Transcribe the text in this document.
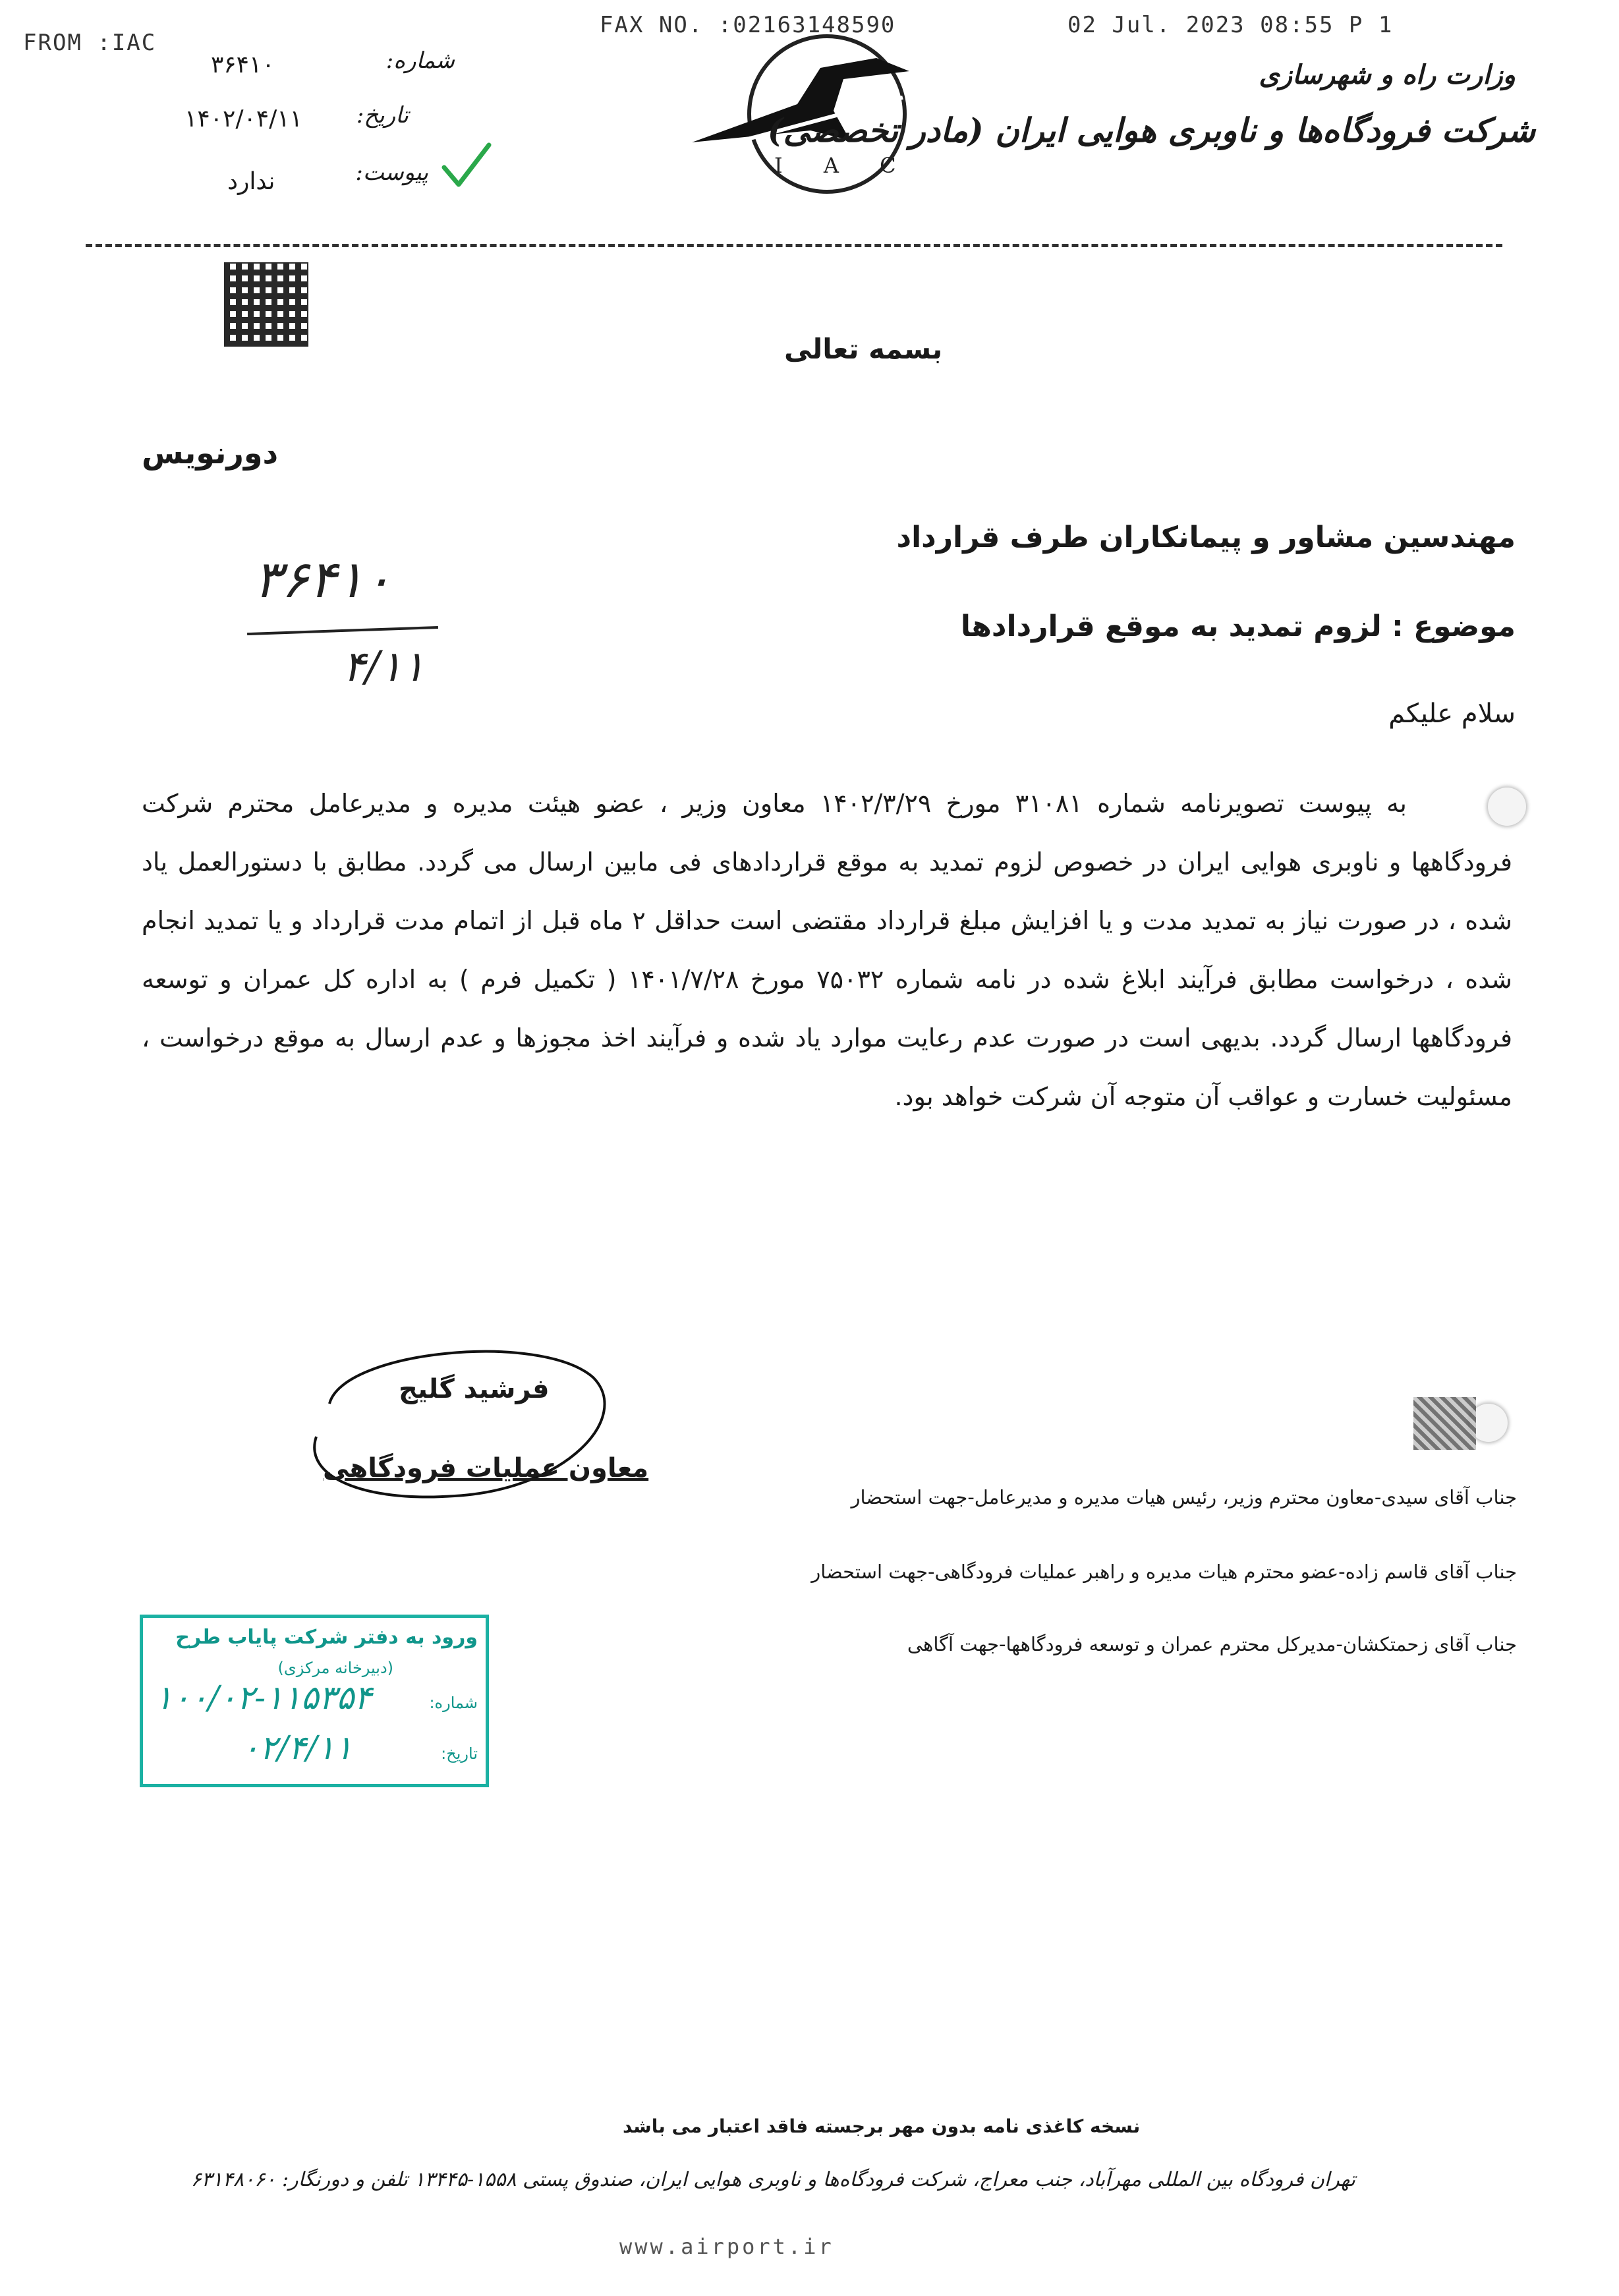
FROM :IAC
FAX NO. :02163148590	02 Jul. 2023 08:55 P 1
شماره:
۳۶۴۱۰
تاریخ:
۱۴۰۲/۰۴/۱۱
پیوست:
ندارد
I A C
وزارت راه و شهرسازی
شرکت فرودگاه‌ها و ناوبری هوایی ایران (مادر تخصصی)
بسمه تعالی
دورنویس
مهندسین مشاور و پیمانکاران طرف قرارداد
موضوع : لزوم تمدید به موقع قراردادها
۳۶۴۱۰
۴/۱۱
سلام علیکم

به پیوست تصویرنامه شماره ۳۱۰۸۱ مورخ ۱۴۰۲/۳/۲۹ معاون وزیر ، عضو هیئت مدیره و مدیرعامل محترم شرکت فرودگاهها و ناوبری هوایی ایران در خصوص لزوم تمدید به موقع قراردادهای فی مابین ارسال می گردد. مطابق با دستورالعمل یاد شده ، در صورت نیاز به تمدید مدت و یا افزایش مبلغ قرارداد مقتضی است حداقل ۲ ماه قبل از اتمام مدت قرارداد و یا تمدید انجام شده ، درخواست مطابق فرآیند ابلاغ شده در نامه شماره ۷۵۰۳۲ مورخ ۱۴۰۱/۷/۲۸ ( تکمیل فرم ) به اداره کل عمران و توسعه فرودگاهها ارسال گردد. بدیهی است در صورت عدم رعایت موارد یاد شده و فرآیند اخذ مجوزها و عدم ارسال به موقع درخواست ، مسئولیت خسارت و عواقب آن متوجه آن شرکت خواهد بود.

فرشید گلیج
معاون عملیات فرودگاهی
جناب آقای سیدی-معاون محترم وزیر، رئیس هیات مدیره و مدیرعامل-جهت استحضار
جناب آقای قاسم زاده-عضو محترم هیات مدیره و راهبر عملیات فرودگاهی-جهت استحضار
جناب آقای زحمتکشان-مدیرکل محترم عمران و توسعه فرودگاهها-جهت آگاهی
ورود به دفتر شرکت پایاب طرح
(دبیرخانه مرکزی)
شماره:
۱۰۰/۰۲-۱۱۵۳۵۴
تاریخ:
۰۲/۴/۱۱
نسخه کاغذی نامه بدون مهر برجسته فاقد اعتبار می باشد
تهران فرودگاه بین المللی مهرآباد، جنب معراج، شرکت فرودگاه‌ها و ناوبری هوایی ایران، صندوق پستی ۱۵۵۸-۱۳۴۴۵ تلفن و دورنگار: ۶۳۱۴۸۰۶۰
www.airport.ir
